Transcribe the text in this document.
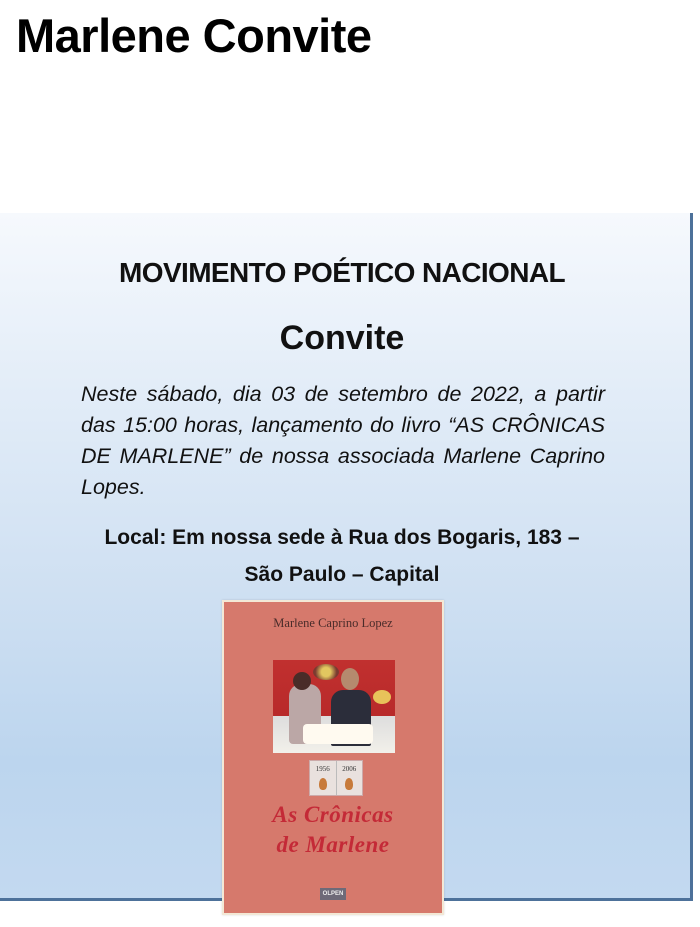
Marlene Convite
MOVIMENTO POÉTICO NACIONAL
Convite
Neste sábado, dia 03 de setembro de 2022, a partir das 15:00 horas, lançamento do livro “AS CRÔNICAS DE MARLENE” de nossa associada Marlene Caprino Lopes.
Local: Em nossa sede à Rua dos Bogaris, 183 –
São Paulo – Capital
Marlene Caprino Lopez
1956	2006
As Crônicas
de Marlene
OLPEN
